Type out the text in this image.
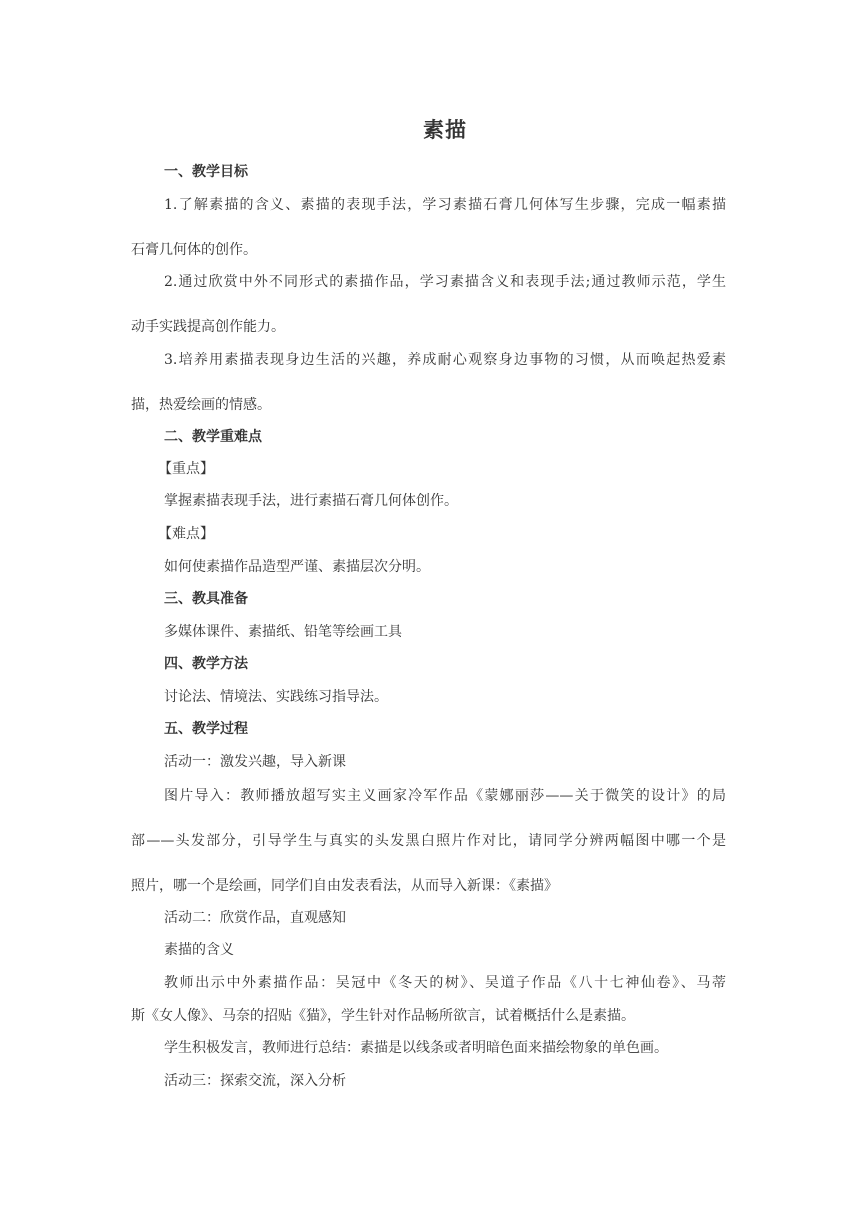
素描
一、教学目标
1.了解素描的含义、素描的表现手法，学习素描石膏几何体写生步骤，完成一幅素描
石膏几何体的创作。
2.通过欣赏中外不同形式的素描作品，学习素描含义和表现手法;通过教师示范，学生
动手实践提高创作能力。
3.培养用素描表现身边生活的兴趣，养成耐心观察身边事物的习惯，从而唤起热爱素
描，热爱绘画的情感。
二、教学重难点
【重点】
掌握素描表现手法，进行素描石膏几何体创作。
【难点】
如何使素描作品造型严谨、素描层次分明。
三、教具准备
多媒体课件、素描纸、铅笔等绘画工具
四、教学方法
讨论法、情境法、实践练习指导法。
五、教学过程
活动一：激发兴趣，导入新课
图片导入：教师播放超写实主义画家冷军作品《蒙娜丽莎——关于微笑的设计》的局
部——头发部分，引导学生与真实的头发黑白照片作对比，请同学分辨两幅图中哪一个是
照片，哪一个是绘画，同学们自由发表看法，从而导入新课：《素描》
活动二：欣赏作品，直观感知
素描的含义
教师出示中外素描作品：吴冠中《冬天的树》、吴道子作品《八十七神仙卷》、马蒂
斯《女人像》、马奈的招贴《猫》，学生针对作品畅所欲言，试着概括什么是素描。
学生积极发言，教师进行总结：素描是以线条或者明暗色面来描绘物象的单色画。
活动三：探索交流，深入分析
